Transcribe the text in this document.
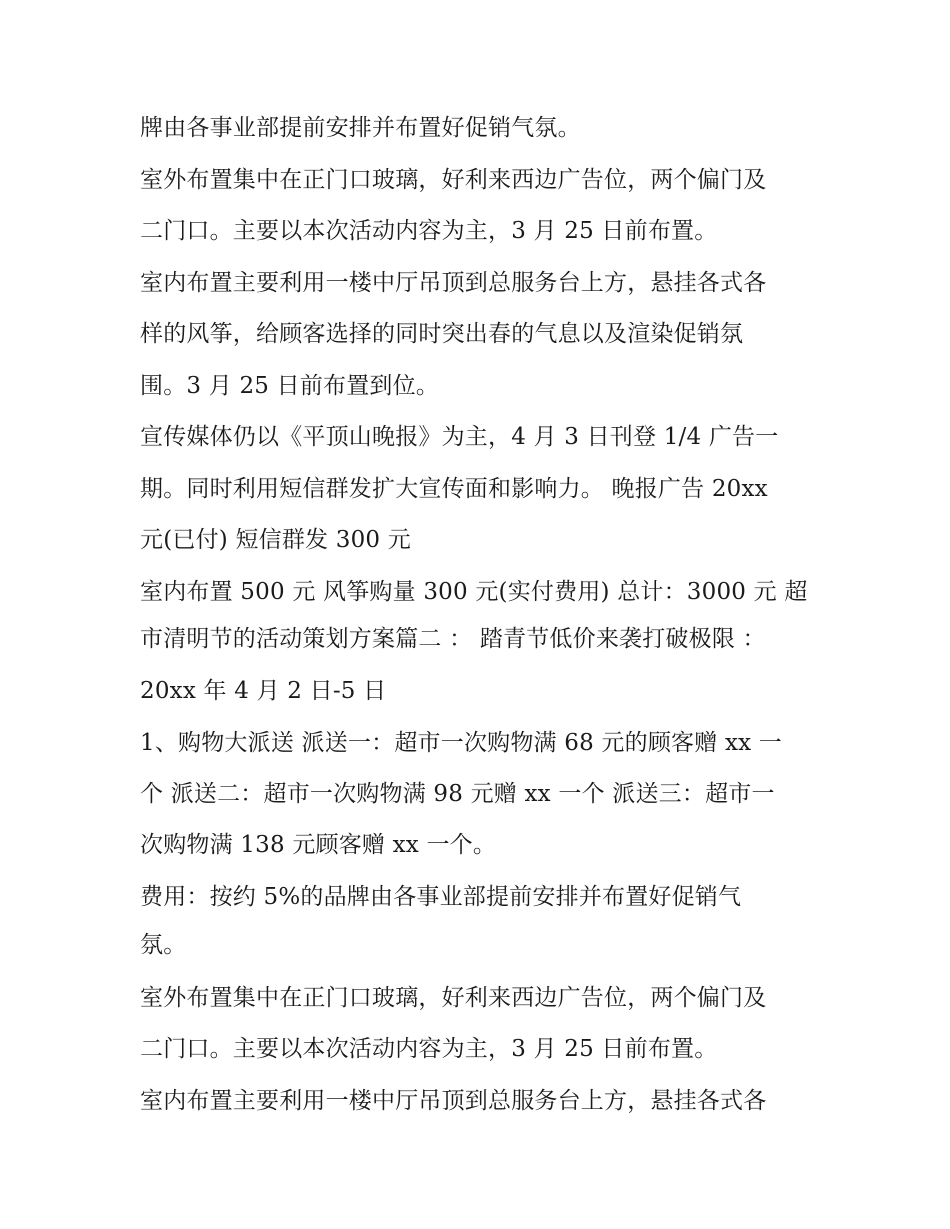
牌由各事业部提前安排并布置好促销气氛。
室外布置集中在正门口玻璃，好利来西边广告位，两个偏门及
二门口。主要以本次活动内容为主，3 月 25 日前布置。
室内布置主要利用一楼中厅吊顶到总服务台上方，悬挂各式各
样的风筝，给顾客选择的同时突出春的气息以及渲染促销氛
围。3 月 25 日前布置到位。
宣传媒体仍以《平顶山晚报》为主，4 月 3 日刊登 1/4 广告一
期。同时利用短信群发扩大宣传面和影响力。 晚报广告 20xx
元(已付) 短信群发 300 元
室内布置 500 元 风筝购量 300 元(实付费用) 总计：3000 元 超
市清明节的活动策划方案篇二 ： 踏青节低价来袭打破极限 ：
20xx 年 4 月 2 日-5 日
1、购物大派送 派送一：超市一次购物满 68 元的顾客赠 xx 一
个 派送二：超市一次购物满 98 元赠 xx 一个 派送三：超市一
次购物满 138 元顾客赠 xx 一个。
费用：按约 5%的品牌由各事业部提前安排并布置好促销气
氛。
室外布置集中在正门口玻璃，好利来西边广告位，两个偏门及
二门口。主要以本次活动内容为主，3 月 25 日前布置。
室内布置主要利用一楼中厅吊顶到总服务台上方，悬挂各式各
